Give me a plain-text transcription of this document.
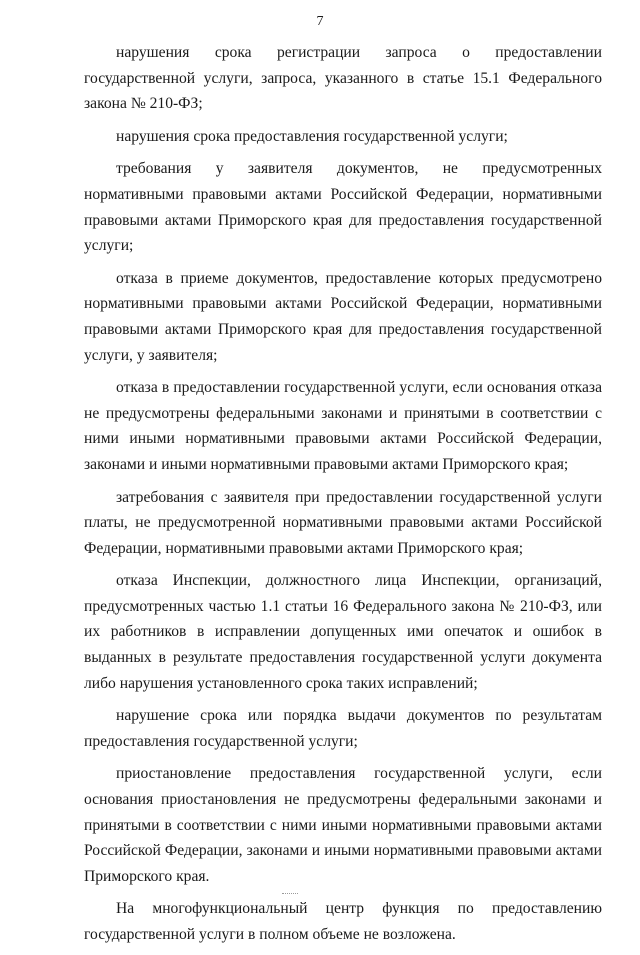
7

нарушения срока регистрации запроса о предоставлении государственной услуги, запроса, указанного в статье 15.1 Федерального закона № 210-ФЗ;

нарушения срока предоставления государственной услуги;

требования у заявителя документов, не предусмотренных нормативными правовыми актами Российской Федерации, нормативными правовыми актами Приморского края для предоставления государственной услуги;

отказа в приеме документов, предоставление которых предусмотрено нормативными правовыми актами Российской Федерации, нормативными правовыми актами Приморского края для предоставления государственной услуги, у заявителя;

отказа в предоставлении государственной услуги, если основания отказа не предусмотрены федеральными законами и принятыми в соответствии с ними иными нормативными правовыми актами Российской Федерации, законами и иными нормативными правовыми актами Приморского края;

затребования с заявителя при предоставлении государственной услуги платы, не предусмотренной нормативными правовыми актами Российской Федерации, нормативными правовыми актами Приморского края;

отказа Инспекции, должностного лица Инспекции, организаций, предусмотренных частью 1.1 статьи 16 Федерального закона № 210-ФЗ, или их работников в исправлении допущенных ими опечаток и ошибок в выданных в результате предоставления государственной услуги документа либо нарушения установленного срока таких исправлений;

нарушение срока или порядка выдачи документов по результатам предоставления государственной услуги;

приостановление предоставления государственной услуги, если основания приостановления не предусмотрены федеральными законами и принятыми в соответствии с ними иными нормативными правовыми актами Российской Федерации, законами и иными нормативными правовыми актами Приморского края.

На многофункциональный центр функция по предоставлению государственной услуги в полном объеме не возложена.
